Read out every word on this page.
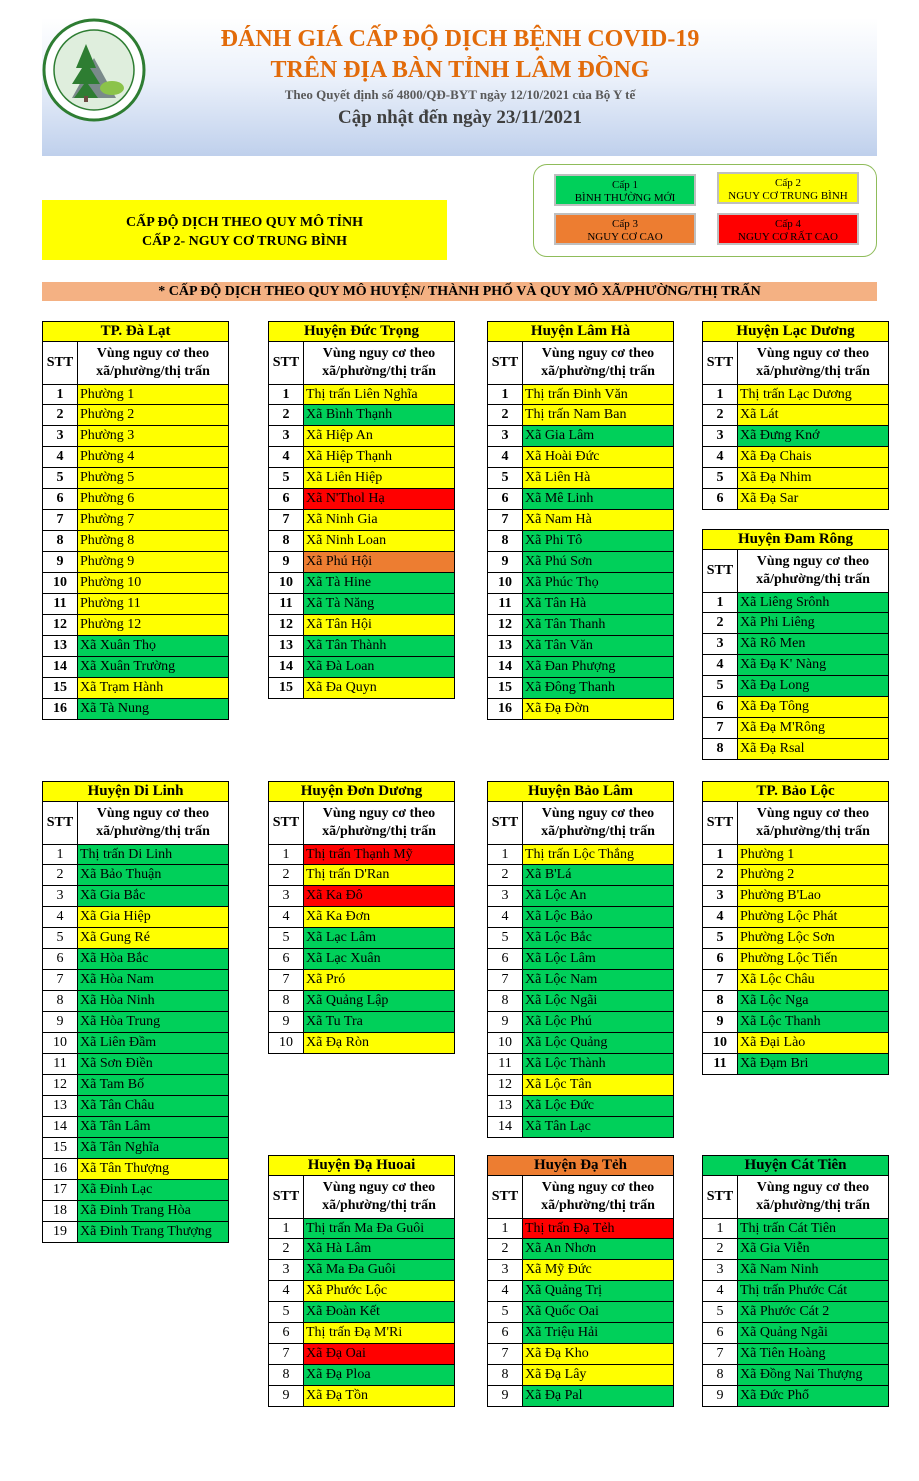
ĐÁNH GIÁ CẤP ĐỘ DỊCH BỆNH COVID-19
TRÊN ĐỊA BÀN TỈNH LÂM ĐỒNG
Theo Quyết định số 4800/QĐ-BYT ngày 12/10/2021 của Bộ Y tế
Cập nhật đến ngày 23/11/2021
Cấp 1
BÌNH THƯỜNG MỚI
Cấp 2
NGUY CƠ TRUNG BÌNH
Cấp 3
NGUY CƠ CAO
Cấp 4
NGUY CƠ RẤT CAO
CẤP ĐỘ DỊCH THEO QUY MÔ TỈNH
CẤP 2- NGUY CƠ TRUNG BÌNH
* CẤP ĐỘ DỊCH THEO QUY MÔ HUYỆN/ THÀNH PHỐ VÀ QUY MÔ XÃ/PHƯỜNG/THỊ TRẤN
TP. Đà Lạt
STT
Vùng nguy cơ theo
xã/phường/thị trấn
1	Phường 1
2	Phường 2
3	Phường 3
4	Phường 4
5	Phường 5
6	Phường 6
7	Phường 7
8	Phường 8
9	Phường 9
10 Phường 10
11 Phường 11
12 Phường 12
13 Xã Xuân Thọ
14 Xã Xuân Trường
15 Xã Trạm Hành
16 Xã Tà Nung
Huyện Đức Trọng
STT
Vùng nguy cơ theo
xã/phường/thị trấn
1	Thị trấn Liên Nghĩa
2	Xã Bình Thạnh
3	Xã Hiệp An
4	Xã Hiệp Thạnh
5	Xã Liên Hiệp
6	Xã N'Thol Hạ
7	Xã Ninh Gia
8	Xã Ninh Loan
9	Xã Phú Hội
10 Xã Tà Hine
11 Xã Tà Năng
12 Xã Tân Hội
13 Xã Tân Thành
14 Xã Đà Loan
15 Xã Đa Quyn
Huyện Lâm Hà
STT
Vùng nguy cơ theo
xã/phường/thị trấn
1	Thị trấn Đinh Văn
2	Thị trấn Nam Ban
3	Xã Gia Lâm
4	Xã Hoài Đức
5	Xã Liên Hà
6	Xã Mê Linh
7	Xã Nam Hà
8	Xã Phi Tô
9	Xã Phú Sơn
10 Xã Phúc Thọ
11 Xã Tân Hà
12 Xã Tân Thanh
13 Xã Tân Văn
14 Xã Đan Phượng
15 Xã Đông Thanh
16 Xã Đạ Đờn
Huyện Lạc Dương
STT
Vùng nguy cơ theo
xã/phường/thị trấn
1	Thị trấn Lạc Dương
2	Xã Lát
3	Xã Đưng Knớ
4	Xã Đạ Chais
5	Xã Đạ Nhim
6	Xã Đạ Sar
Huyện Đam Rông
STT
Vùng nguy cơ theo
xã/phường/thị trấn
1	Xã Liêng Srônh
2	Xã Phi Liêng
3	Xã Rô Men
4	Xã Đạ K' Nàng
5	Xã Đạ Long
6	Xã Đạ Tông
7	Xã Đạ M'Rông
8	Xã Đạ Rsal
Huyện Di Linh
STT
Vùng nguy cơ theo
xã/phường/thị trấn
1	Thị trấn Di Linh
2	Xã Bảo Thuận
3	Xã Gia Bắc
4	Xã Gia Hiệp
5	Xã Gung Ré
6	Xã Hòa Bắc
7	Xã Hòa Nam
8	Xã Hòa Ninh
9	Xã Hòa Trung
10 Xã Liên Đầm
11 Xã Sơn Điền
12 Xã Tam Bố
13 Xã Tân Châu
14 Xã Tân Lâm
15 Xã Tân Nghĩa
16 Xã Tân Thượng
17 Xã Đinh Lạc
18 Xã Đinh Trang Hòa
19 Xã Đinh Trang Thượng
Huyện Đơn Dương
STT
Vùng nguy cơ theo
xã/phường/thị trấn
1	Thị trấn Thạnh Mỹ
2	Thị trấn D'Ran
3	Xã Ka Đô
4	Xã Ka Đơn
5	Xã Lạc Lâm
6	Xã Lạc Xuân
7	Xã Pró
8	Xã Quảng Lập
9	Xã Tu Tra
10 Xã Đạ Ròn
Huyện Bảo Lâm
STT
Vùng nguy cơ theo
xã/phường/thị trấn
1	Thị trấn Lộc Thắng
2	Xã B'Lá
3	Xã Lộc An
4	Xã Lộc Bảo
5	Xã Lộc Bắc
6	Xã Lộc Lâm
7	Xã Lộc Nam
8	Xã Lộc Ngãi
9	Xã Lộc Phú
10 Xã Lộc Quảng
11 Xã Lộc Thành
12 Xã Lộc Tân
13 Xã Lộc Đức
14 Xã Tân Lạc
TP. Bảo Lộc
STT
Vùng nguy cơ theo
xã/phường/thị trấn
1	Phường 1
2	Phường 2
3	Phường B'Lao
4	Phường Lộc Phát
5	Phường Lộc Sơn
6	Phường Lộc Tiến
7	Xã Lộc Châu
8	Xã Lộc Nga
9	Xã Lộc Thanh
10 Xã Đại Lào
11 Xã Đạm Bri
Huyện Đạ Huoai
STT
Vùng nguy cơ theo
xã/phường/thị trấn
1	Thị trấn Ma Đa Guôi
2	Xã Hà Lâm
3	Xã Ma Đa Guôi
4	Xã Phước Lộc
5	Xã Đoàn Kết
6	Thị trấn Đạ M'Ri
7	Xã Đạ Oai
8	Xã Đạ Ploa
9	Xã Đạ Tồn
Huyện Đạ Tẻh
STT
Vùng nguy cơ theo
xã/phường/thị trấn
1	Thị trấn Đạ Tẻh
2	Xã An Nhơn
3	Xã Mỹ Đức
4	Xã Quảng Trị
5	Xã Quốc Oai
6	Xã Triệu Hải
7	Xã Đạ Kho
8	Xã Đạ Lây
9	Xã Đạ Pal
Huyện Cát Tiên
STT
Vùng nguy cơ theo
xã/phường/thị trấn
1	Thị trấn Cát Tiên
2	Xã Gia Viễn
3	Xã Nam Ninh
4	Thị trấn Phước Cát
5	Xã Phước Cát 2
6	Xã Quảng Ngãi
7	Xã Tiên Hoàng
8	Xã Đồng Nai Thượng
9	Xã Đức Phổ
